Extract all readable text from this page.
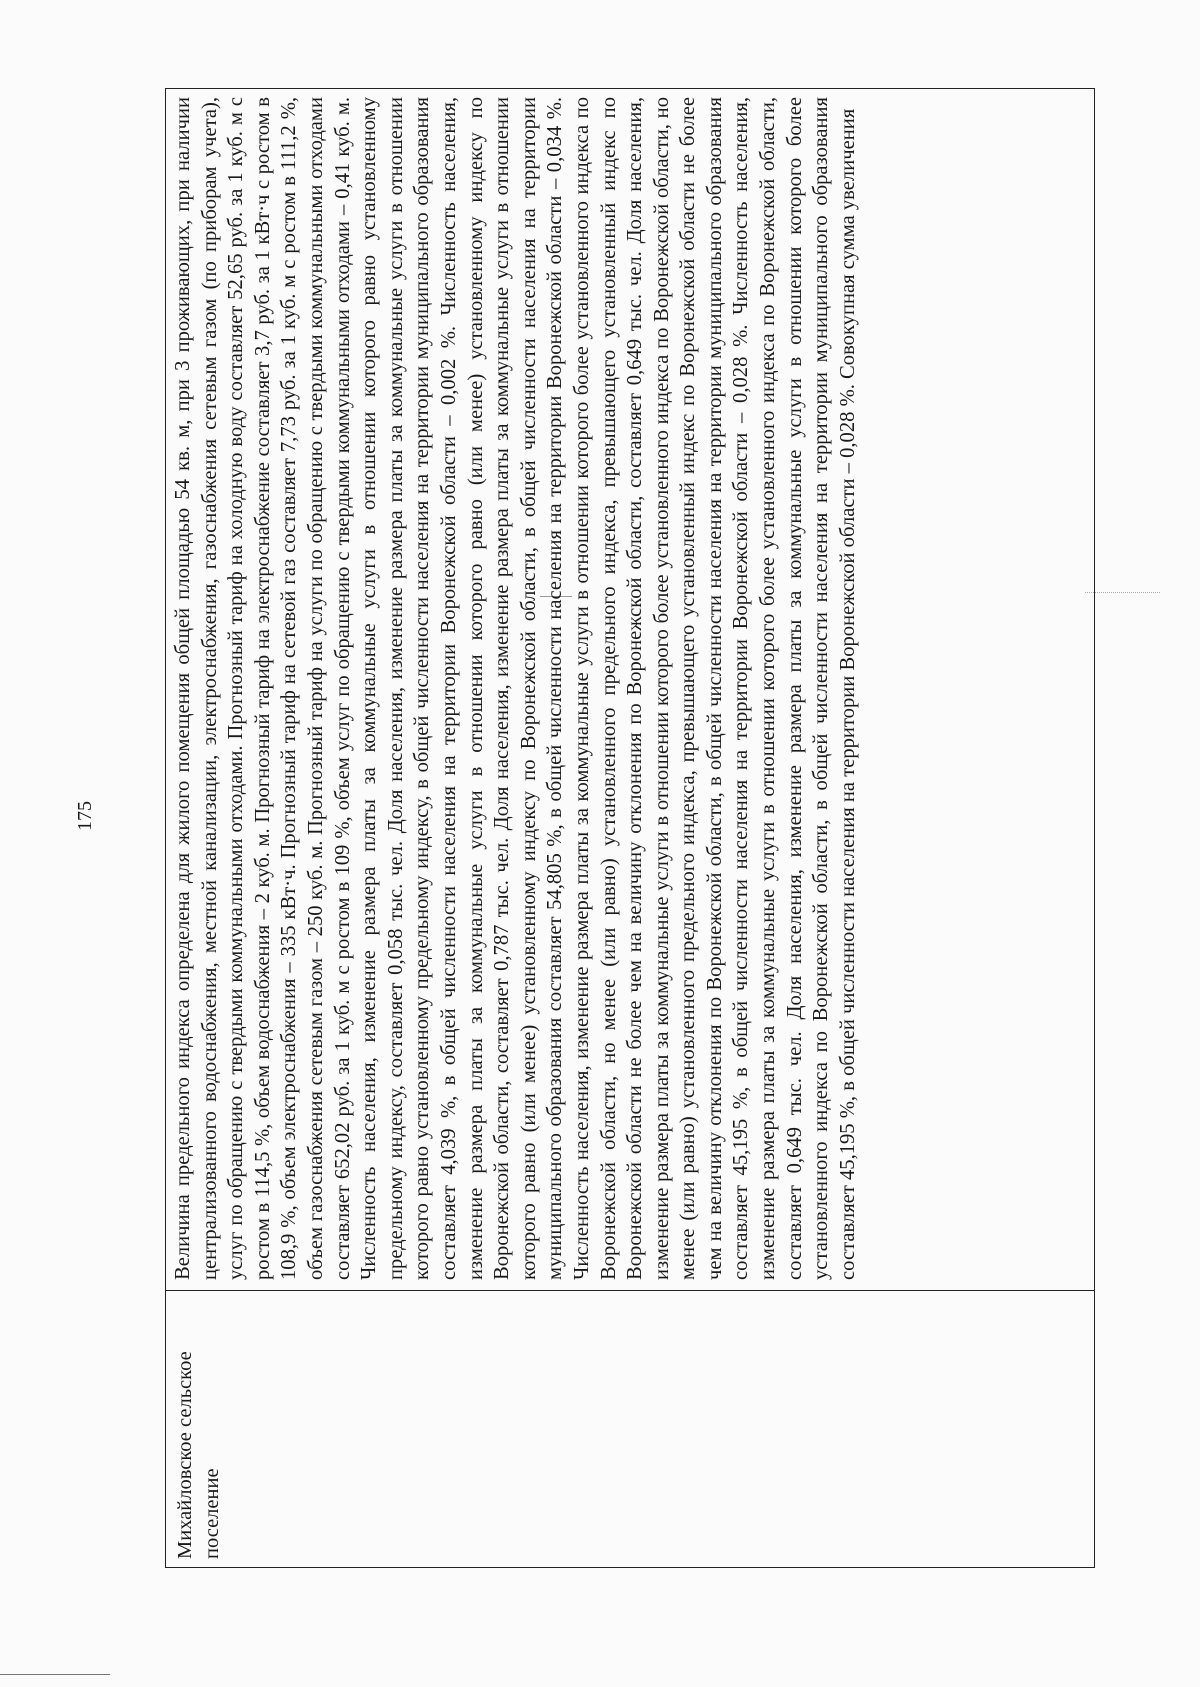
175
Михайловское сельское поселение
Величина предельного индекса определена для жилого помещения общей площадью 54 кв. м, при 3 проживающих, при наличии централизованного водоснабжения, местной канализации, электроснабжения, газоснабжения сетевым газом (по приборам учета), услуг по обращению с твердыми коммунальными отходами. Прогнозный тариф на холодную воду составляет 52,65 руб. за 1 куб. м с ростом в 114,5 %, объем водоснабжения – 2 куб. м. Прогнозный тариф на электроснабжение составляет 3,7 руб. за 1 кВт·ч с ростом в 108,9 %, объем электроснабжения – 335 кВт·ч. Прогнозный тариф на сетевой газ составляет 7,73 руб. за 1 куб. м с ростом в 111,2 %, объем газоснабжения сетевым газом – 250 куб. м. Прогнозный тариф на услуги по обращению с твердыми коммунальными отходами составляет 652,02 руб. за 1 куб. м с ростом в 109 %, объем услуг по обращению с твердыми коммунальными отходами – 0,41 куб. м. Численность населения, изменение размера платы за коммунальные услуги в отношении которого равно установленному предельному индексу, составляет 0,058 тыс. чел. Доля населения, изменение размера платы за коммунальные услуги в отношении которого равно установленному предельному индексу, в общей численности населения на территории муниципального образования составляет 4,039 %, в общей численности населения на территории Воронежской области – 0,002 %. Численность населения, изменение размера платы за коммунальные услуги в отношении которого равно (или менее) установленному индексу по Воронежской области, составляет 0,787 тыс. чел. Доля населения, изменение размера платы за коммунальные услуги в отношении которого равно (или менее) установленному индексу по Воронежской области, в общей численности населения на территории муниципального образования составляет 54,805 %, в общей численности населения на территории Воронежской области – 0,034 %. Численность населения, изменение размера платы за коммунальные услуги в отношении которого более установленного индекса по Воронежской области, но менее (или равно) установленного предельного индекса, превышающего установленный индекс по Воронежской области не более чем на величину отклонения по Воронежской области, составляет 0,649 тыс. чел. Доля населения, изменение размера платы за коммунальные услуги в отношении которого более установленного индекса по Воронежской области, но менее (или равно) установленного предельного индекса, превышающего установленный индекс по Воронежской области не более чем на величину отклонения по Воронежской области, в общей численности населения на территории муниципального образования составляет 45,195 %, в общей численности населения на территории Воронежской области – 0,028 %. Численность населения, изменение размера платы за коммунальные услуги в отношении которого более установленного индекса по Воронежской области, составляет 0,649 тыс. чел. Доля населения, изменение размера платы за коммунальные услуги в отношении которого более установленного индекса по Воронежской области, в общей численности населения на территории муниципального образования составляет 45,195 %, в общей численности населения на территории Воронежской области – 0,028 %. Совокупная сумма увеличения
